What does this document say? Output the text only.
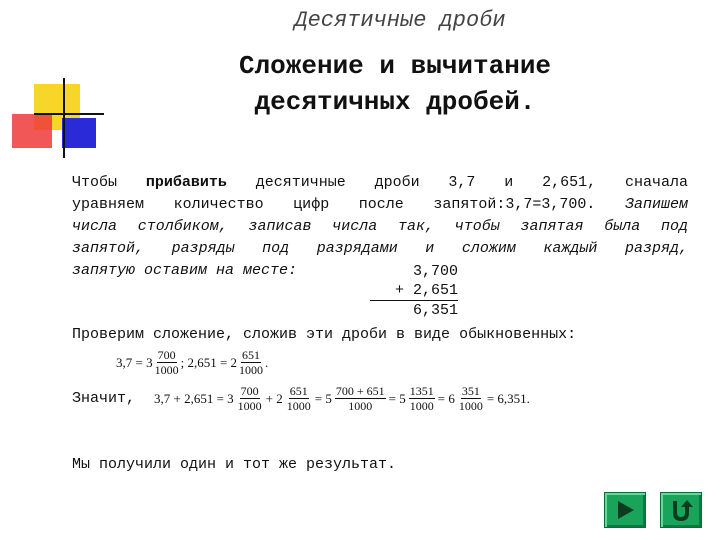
Десятичные дроби
Сложение и вычитание
десятичных дробей.
Чтобы прибавить десятичные дроби 3,7 и 2,651, сначала
уравняем количество цифр после запятой:3,7=3,700. Запишем
числа столбиком, записав числа так, чтобы запятая была под
запятой, разряды под разрядами и сложим каждый разряд,
запятую оставим на месте:	3,700
+ 2,651
6,351
Проверим сложение, сложив эти дроби в виде обыкновенных:
$3,7 = 3 \frac{700}{1000}$ ; $2,651 = 2 \frac{651}{1000}$ .
Значит, $3,7 + 2,651 = 3 \frac{700}{1000} + 2 \frac{651}{1000} = 5 \frac{700 + 651}{1000} = 5 \frac{1351}{1000} = 6 \frac{351}{1000} = 6,351$.
Мы получили один и тот же результат.
